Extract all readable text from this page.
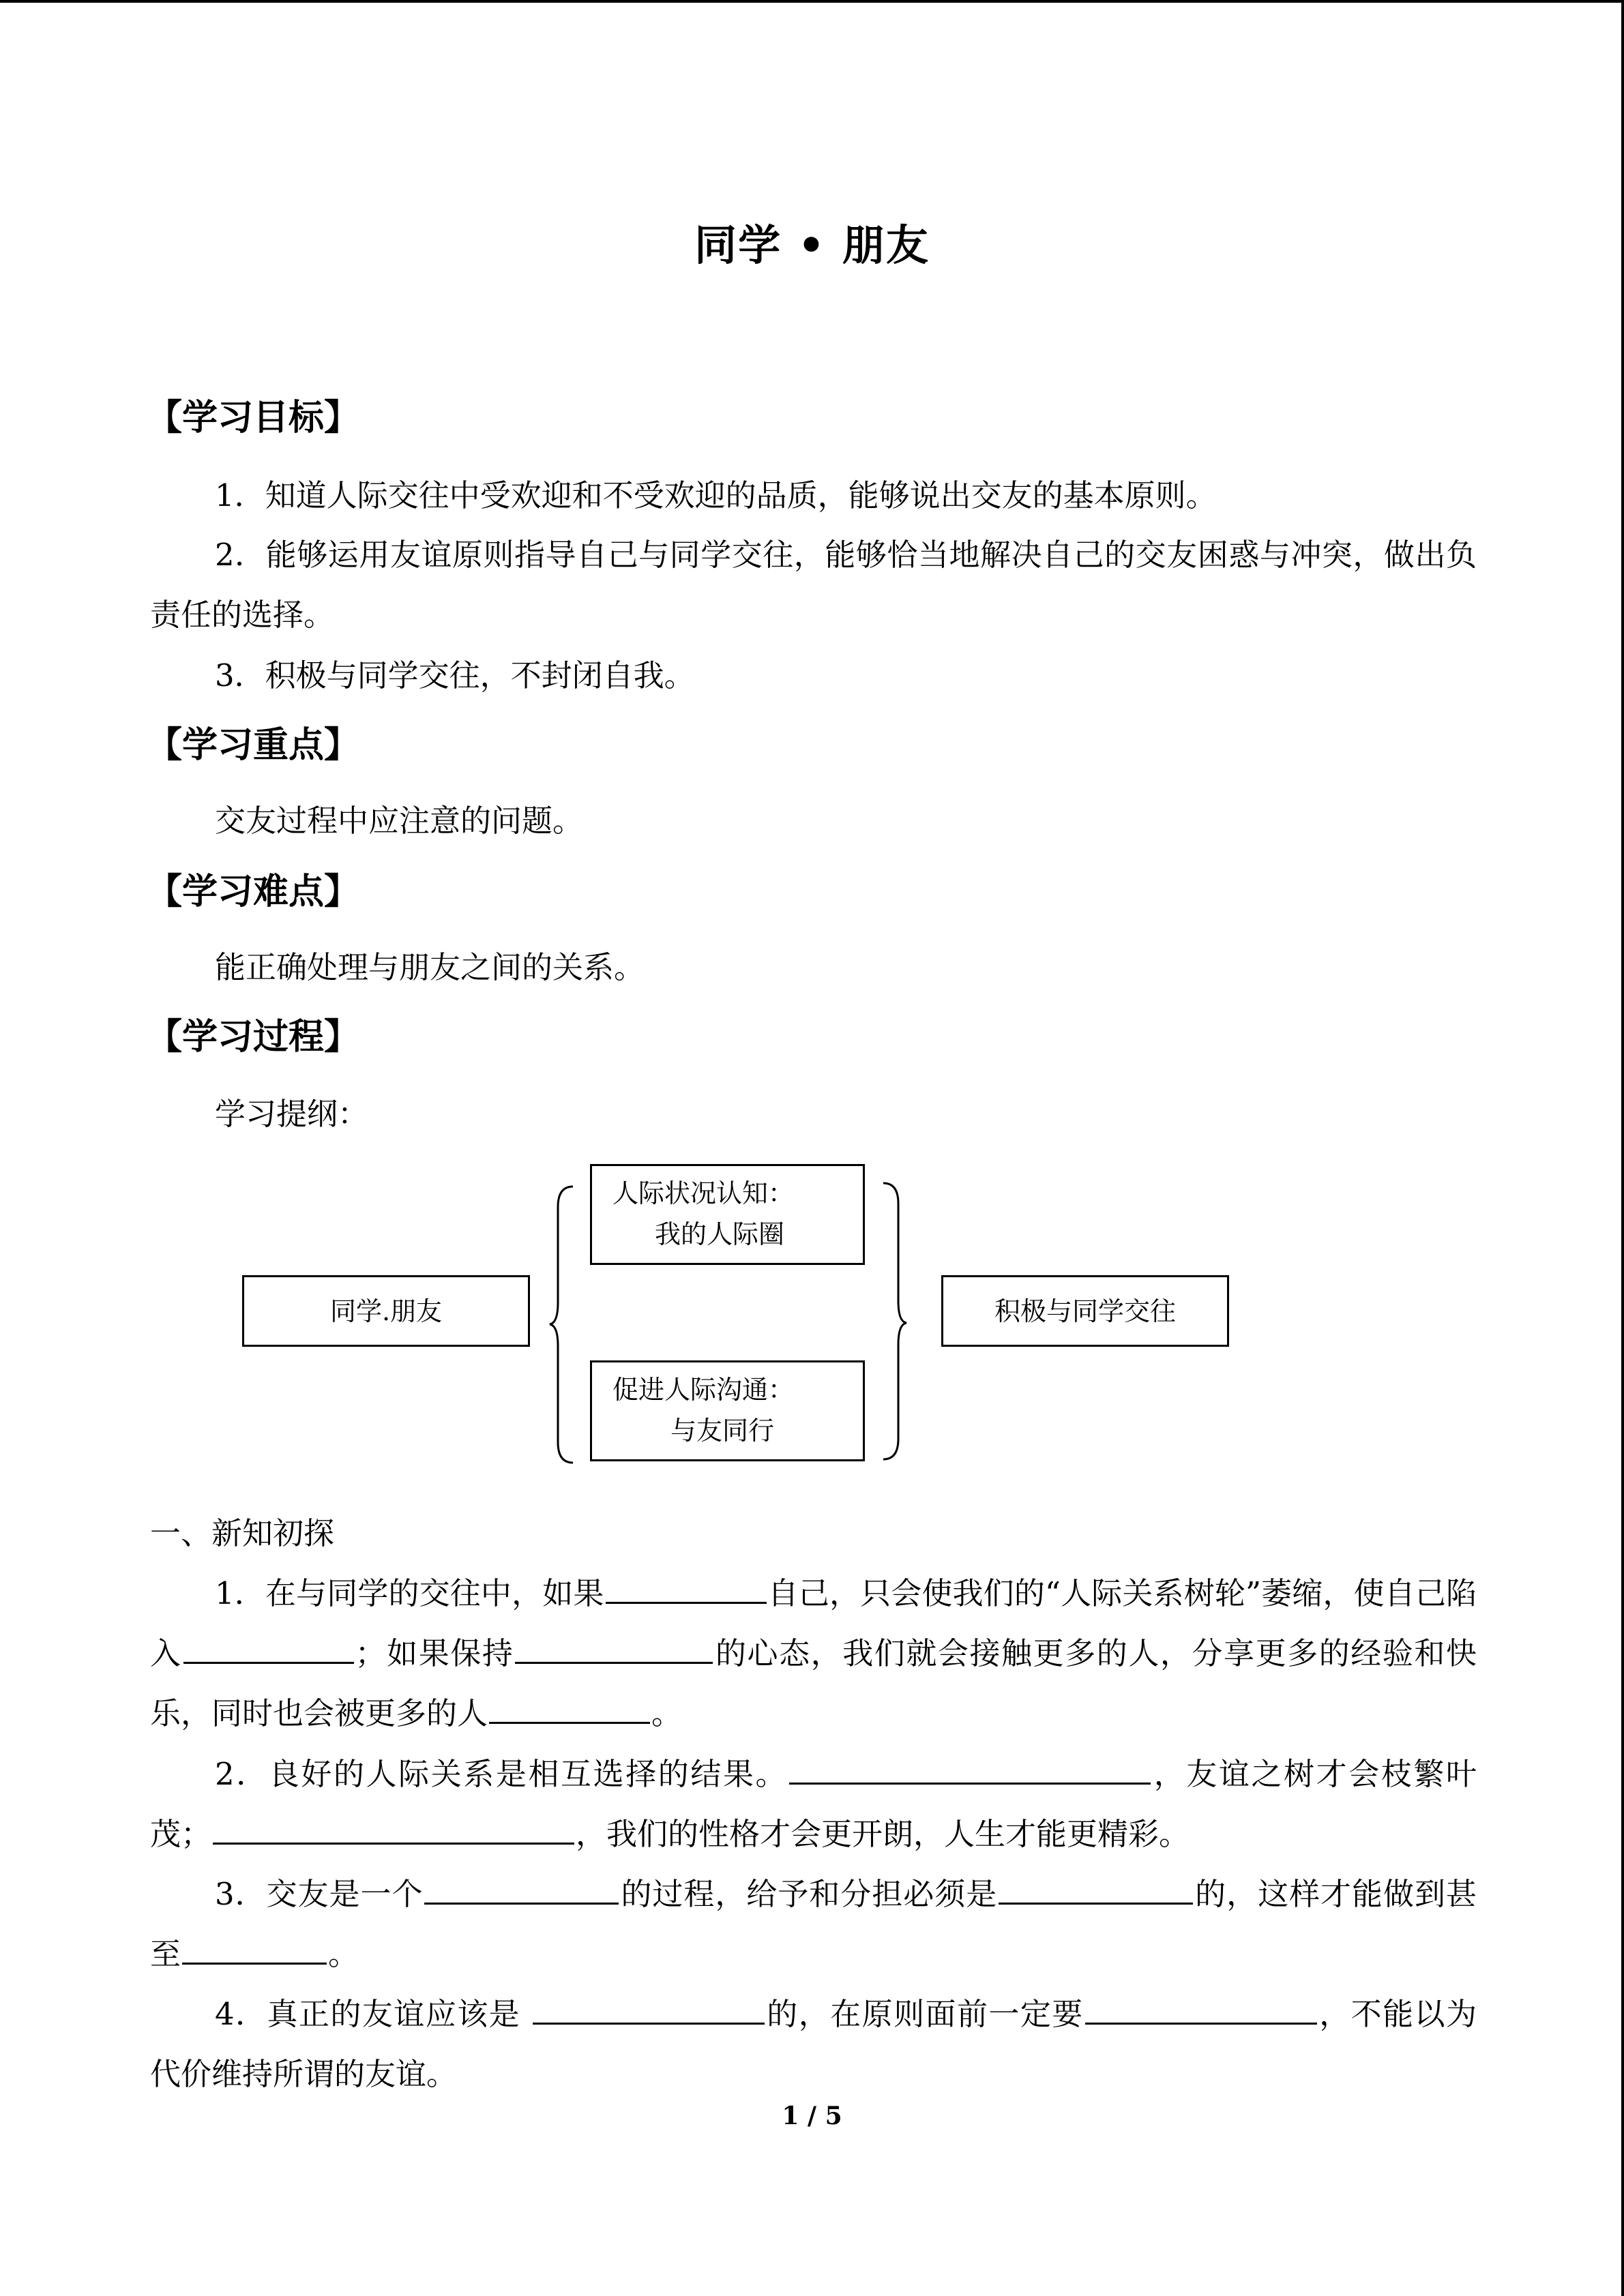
同学 • 朋友
【学习目标】
1．知道人际交往中受欢迎和不受欢迎的品质，能够说出交友的基本原则。
2．能够运用友谊原则指导自己与同学交往，能够恰当地解决自己的交友困惑与冲突，做出负责任的选择。
3．积极与同学交往，不封闭自我。
【学习重点】
交友过程中应注意的问题。
【学习难点】
能正确处理与朋友之间的关系。
【学习过程】
学习提纲：
同学.朋友
人际状况认知：
我的人际圈
促进人际沟通：
与友同行
积极与同学交往
一、新知初探
1．在与同学的交往中，如果	自己，只会使我们的“人际关系树轮”萎缩，使自己陷入	；如果保持	的心态，我们就会接触更多的人，分享更多的经验和快乐，同时也会被更多的人	。
2．良好的人际关系是相互选择的结果。	，友谊之树才会枝繁叶茂；	，我们的性格才会更开朗，人生才能更精彩。
3．交友是一个	的过程，给予和分担必须是	的，这样才能做到甚至	。
4．真正的友谊应该是	的，在原则面前一定要	，不能以为代价维持所谓的友谊。
1 / 5
